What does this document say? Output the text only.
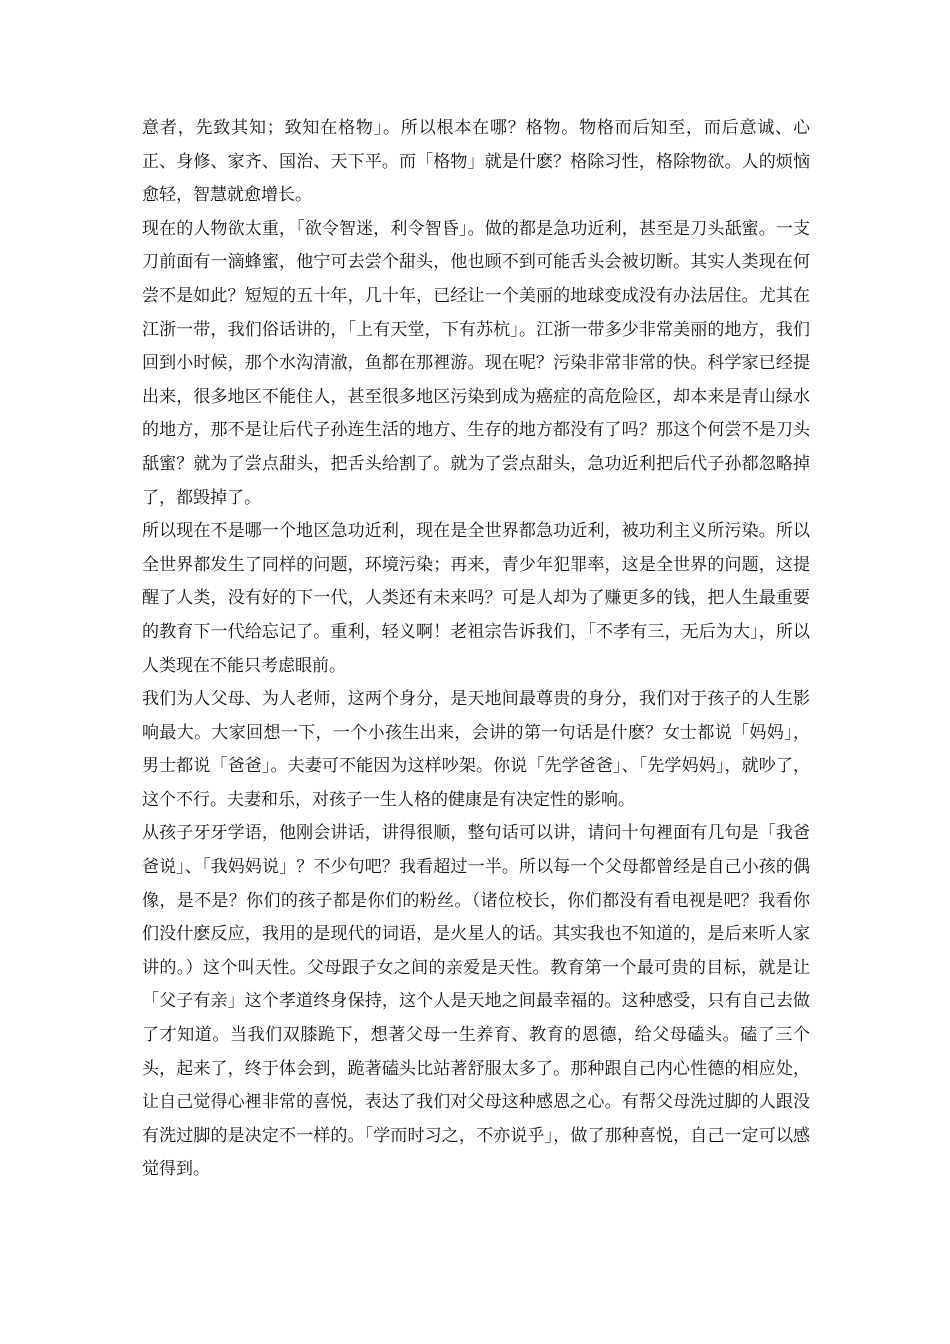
意者，先致其知；致知在格物」。所以根本在哪？格物。物格而后知至，而后意诚、心正、身修、家齐、国治、天下平。而「格物」就是什麽？格除习性，格除物欲。人的烦恼愈轻，智慧就愈增长。

现在的人物欲太重，「欲令智迷，利令智昏」。做的都是急功近利，甚至是刀头舐蜜。一支刀前面有一滴蜂蜜，他宁可去尝个甜头，他也顾不到可能舌头会被切断。其实人类现在何尝不是如此？短短的五十年，几十年，已经让一个美丽的地球变成没有办法居住。尤其在江浙一带，我们俗话讲的，「上有天堂，下有苏杭」。江浙一带多少非常美丽的地方，我们回到小时候，那个水沟清澈，鱼都在那裡游。现在呢？污染非常非常的快。科学家已经提出来，很多地区不能住人，甚至很多地区污染到成为癌症的高危险区，却本来是青山绿水的地方，那不是让后代子孙连生活的地方、生存的地方都没有了吗？那这个何尝不是刀头舐蜜？就为了尝点甜头，把舌头给割了。就为了尝点甜头，急功近利把后代子孙都忽略掉了，都毁掉了。

所以现在不是哪一个地区急功近利，现在是全世界都急功近利，被功利主义所污染。所以全世界都发生了同样的问题，环境污染；再来，青少年犯罪率，这是全世界的问题，这提醒了人类，没有好的下一代，人类还有未来吗？可是人却为了赚更多的钱，把人生最重要的教育下一代给忘记了。重利，轻义啊！老祖宗告诉我们，「不孝有三，无后为大」，所以人类现在不能只考虑眼前。

我们为人父母、为人老师，这两个身分，是天地间最尊贵的身分，我们对于孩子的人生影响最大。大家回想一下，一个小孩生出来，会讲的第一句话是什麽？女士都说「妈妈」，男士都说「爸爸」。夫妻可不能因为这样吵架。你说「先学爸爸」、「先学妈妈」，就吵了，这个不行。夫妻和乐，对孩子一生人格的健康是有决定性的影响。

从孩子牙牙学语，他刚会讲话，讲得很顺，整句话可以讲，请问十句裡面有几句是「我爸爸说」、「我妈妈说」？不少句吧？我看超过一半。所以每一个父母都曾经是自己小孩的偶像，是不是？你们的孩子都是你们的粉丝。（诸位校长，你们都没有看电视是吧？我看你们没什麽反应，我用的是现代的词语，是火星人的话。其实我也不知道的，是后来听人家讲的。）这个叫天性。父母跟子女之间的亲爱是天性。教育第一个最可贵的目标，就是让「父子有亲」这个孝道终身保持，这个人是天地之间最幸福的。这种感受，只有自己去做了才知道。当我们双膝跪下，想著父母一生养育、教育的恩德，给父母磕头。磕了三个头，起来了，终于体会到，跪著磕头比站著舒服太多了。那种跟自己内心性德的相应处，让自己觉得心裡非常的喜悦，表达了我们对父母这种感恩之心。有帮父母洗过脚的人跟没有洗过脚的是决定不一样的。「学而时习之，不亦说乎」，做了那种喜悦，自己一定可以感觉得到。
